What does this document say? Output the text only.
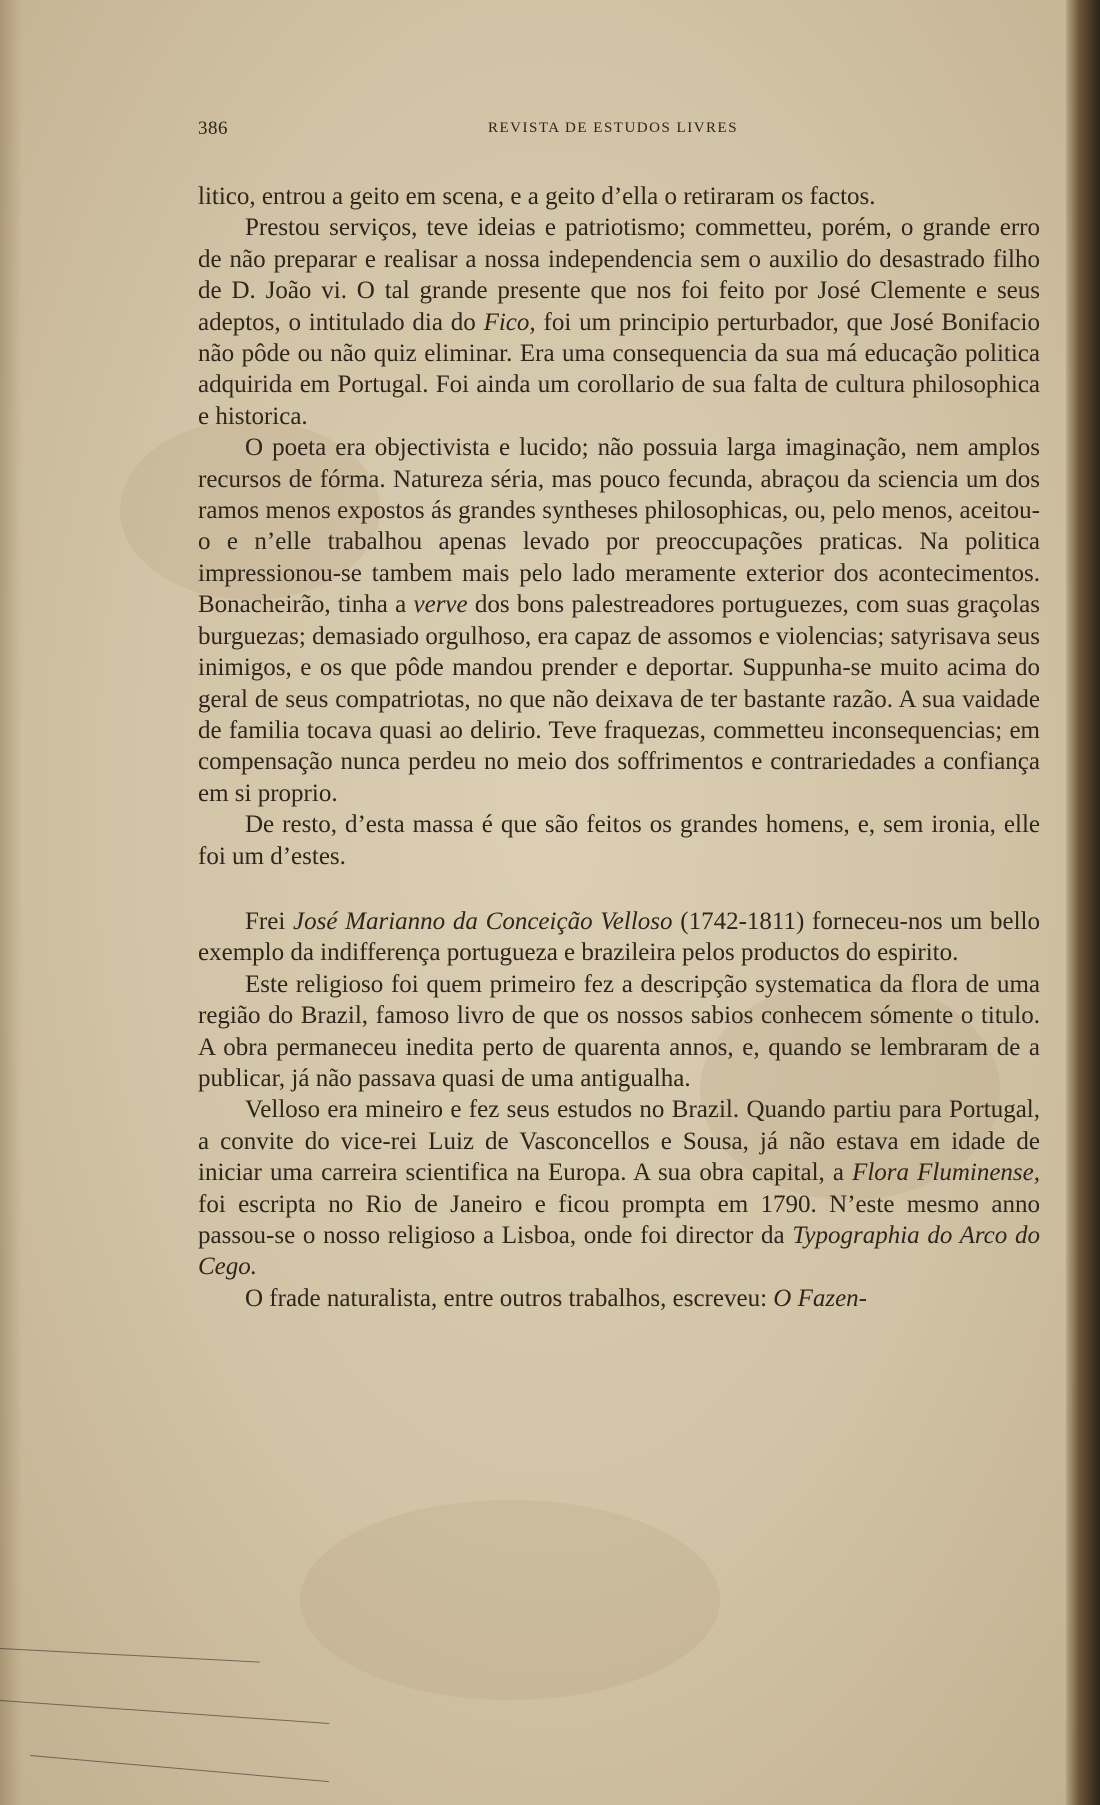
386	REVISTA DE ESTUDOS LIVRES

litico, entrou a geito em scena, e a geito d’ella o retiraram os factos.

Prestou serviços, teve ideias e patriotismo; commetteu, porém, o grande erro de não preparar e realisar a nossa independencia sem o auxilio do desastrado filho de D. João vi. O tal grande presente que nos foi feito por José Clemente e seus adeptos, o intitulado dia do Fico, foi um principio perturbador, que José Bonifacio não pôde ou não quiz eliminar. Era uma consequencia da sua má educação politica adquirida em Portugal. Foi ainda um corollario de sua falta de cultura philosophica e historica.

O poeta era objectivista e lucido; não possuia larga imaginação, nem amplos recursos de fórma. Natureza séria, mas pouco fecunda, abraçou da sciencia um dos ramos menos expostos ás grandes syntheses philosophicas, ou, pelo menos, aceitou-o e n’elle trabalhou apenas levado por preoccupações praticas. Na politica impressionou-se tambem mais pelo lado meramente exterior dos acontecimentos. Bonacheirão, tinha a verve dos bons palestreadores portuguezes, com suas graçolas burguezas; demasiado orgulhoso, era capaz de assomos e violencias; satyrisava seus inimigos, e os que pôde mandou prender e deportar. Suppunha-se muito acima do geral de seus compatriotas, no que não deixava de ter bastante razão. A sua vaidade de familia tocava quasi ao delirio. Teve fraquezas, commetteu inconsequencias; em compensação nunca perdeu no meio dos soffrimentos e contrariedades a confiança em si proprio.

De resto, d’esta massa é que são feitos os grandes homens, e, sem ironia, elle foi um d’estes.

Frei José Marianno da Conceição Velloso (1742-1811) forneceu-nos um bello exemplo da indifferença portugueza e brazileira pelos productos do espirito.

Este religioso foi quem primeiro fez a descripção systematica da flora de uma região do Brazil, famoso livro de que os nossos sabios conhecem sómente o titulo. A obra permaneceu inedita perto de quarenta annos, e, quando se lembraram de a publicar, já não passava quasi de uma antigualha.

Velloso era mineiro e fez seus estudos no Brazil. Quando partiu para Portugal, a convite do vice-rei Luiz de Vasconcellos e Sousa, já não estava em idade de iniciar uma carreira scientifica na Europa. A sua obra capital, a Flora Fluminense, foi escripta no Rio de Janeiro e ficou prompta em 1790. N’este mesmo anno passou-se o nosso religioso a Lisboa, onde foi director da Typographia do Arco do Cego.

O frade naturalista, entre outros trabalhos, escreveu: O Fazen-
